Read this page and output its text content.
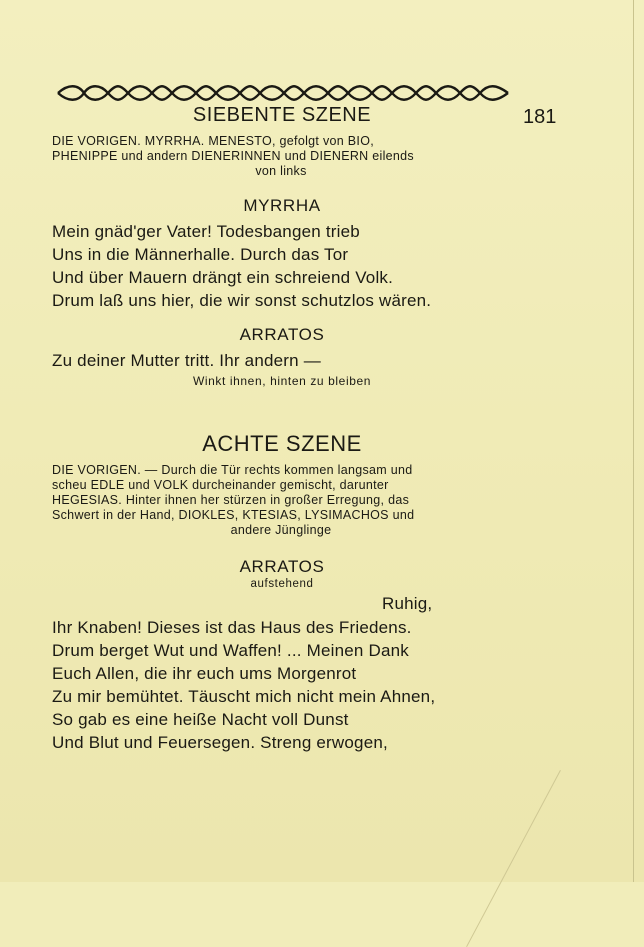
SIEBENTE SZENE	181
DIE VORIGEN. MYRRHA. MENESTO, gefolgt von BIO,
PHENIPPE und andern DIENERINNEN und DIENERN eilends
von links
MYRRHA
Mein gnäd'ger Vater! Todesbangen trieb
Uns in die Männerhalle. Durch das Tor
Und über Mauern drängt ein schreiend Volk.
Drum laß uns hier, die wir sonst schutzlos wären.
ARRATOS
Zu deiner Mutter tritt. Ihr andern —
Winkt ihnen, hinten zu bleiben
ACHTE SZENE
DIE VORIGEN. — Durch die Tür rechts kommen langsam und
scheu EDLE und VOLK durcheinander gemischt, darunter
HEGESIAS. Hinter ihnen her stürzen in großer Erregung, das
Schwert in der Hand, DIOKLES, KTESIAS, LYSIMACHOS und
andere Jünglinge
ARRATOS
aufstehend
Ruhig,
Ihr Knaben! Dieses ist das Haus des Friedens.
Drum berget Wut und Waffen! ... Meinen Dank
Euch Allen, die ihr euch ums Morgenrot
Zu mir bemühtet. Täuscht mich nicht mein Ahnen,
So gab es eine heiße Nacht voll Dunst
Und Blut und Feuersegen. Streng erwogen,
